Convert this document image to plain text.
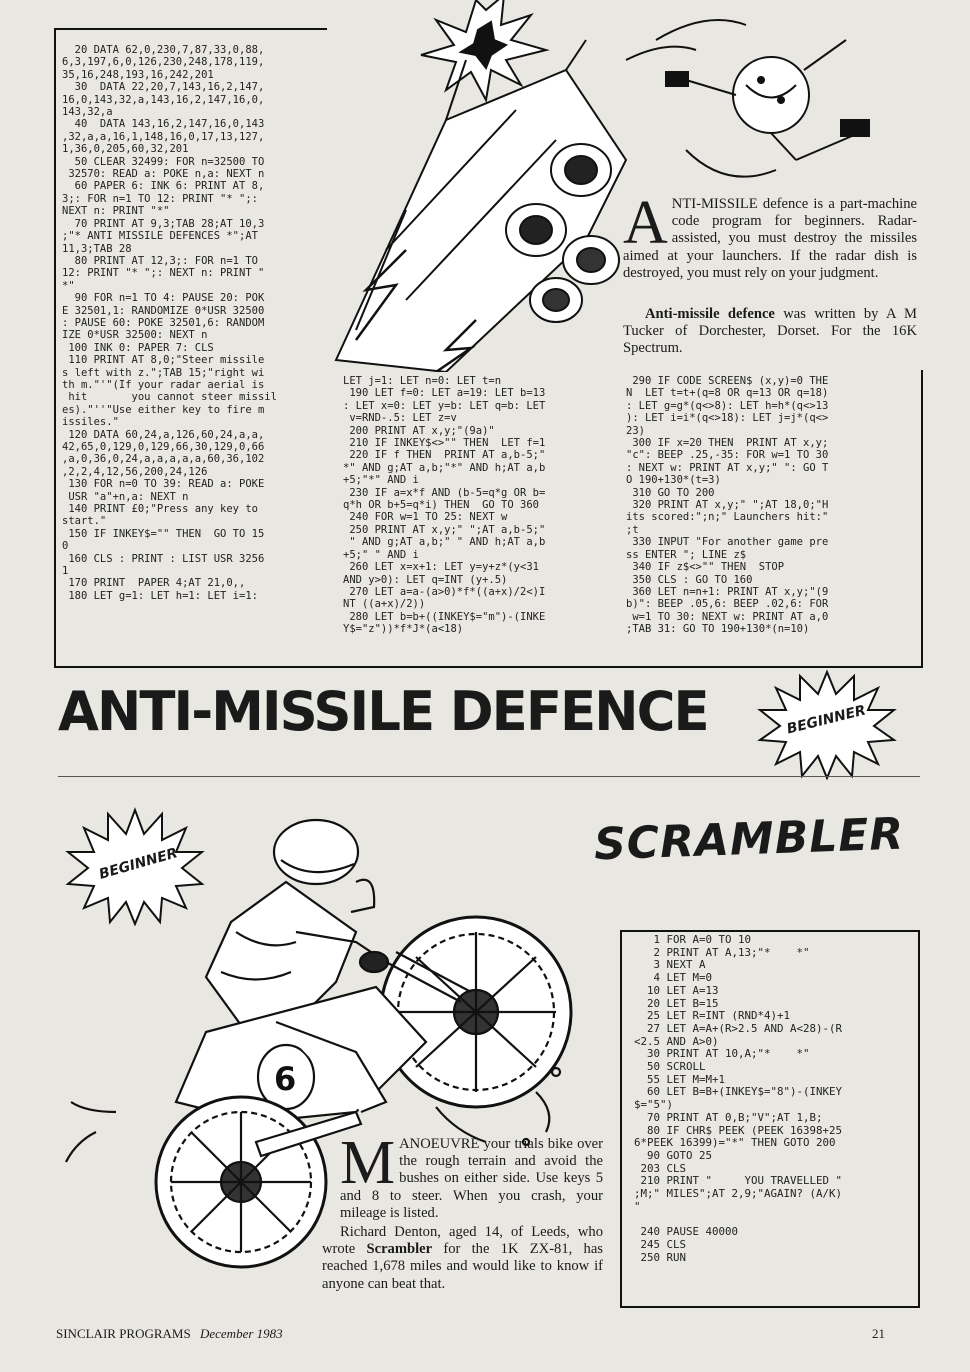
20 DATA 62,0,230,7,87,33,0,88,
6,3,197,6,0,126,230,248,178,119,
35,16,248,193,16,242,201
30  DATA 22,20,7,143,16,2,147,
16,0,143,32,a,143,16,2,147,16,0,
143,32,a
40  DATA 143,16,2,147,16,0,143
,32,a,a,16,1,148,16,0,17,13,127,
1,36,0,205,60,32,201
50 CLEAR 32499: FOR n=32500 TO
32570: READ a: POKE n,a: NEXT n
60 PAPER 6: INK 6: PRINT AT 8,
3;: FOR n=1 TO 12: PRINT "* ";:
NEXT n: PRINT "*"
70 PRINT AT 9,3;TAB 28;AT 10,3
;"* ANTI MISSILE DEFENCES *";AT
11,3;TAB 28
80 PRINT AT 12,3;: FOR n=1 TO
12: PRINT "* ";: NEXT n: PRINT "
*"
90 FOR n=1 TO 4: PAUSE 20: POK
E 32501,1: RANDOMIZE 0*USR 32500
: PAUSE 60: POKE 32501,6: RANDOM
IZE 0*USR 32500: NEXT n
100 INK 0: PAPER 7: CLS
110 PRINT AT 8,0;"Steer missile
s left with z.";TAB 15;"right wi
th m."'"(If your radar aerial is
hit       you cannot steer missil
es)."''"Use either key to fire m
issiles."
120 DATA 60,24,a,126,60,24,a,a,
42,65,0,129,0,129,66,30,129,0,66
,a,0,36,0,24,a,a,a,a,a,60,36,102
,2,2,4,12,56,200,24,126
130 FOR n=0 TO 39: READ a: POKE
USR "a"+n,a: NEXT n
140 PRINT £0;"Press any key to
start."
150 IF INKEY$="" THEN  GO TO 15
0
160 CLS : PRINT : LIST USR 3256
1
170 PRINT  PAPER 4;AT 21,0,,
180 LET g=1: LET h=1: LET i=1:
LET j=1: LET n=0: LET t=n
190 LET f=0: LET a=19: LET b=13
: LET x=0: LET y=b: LET q=b: LET
v=RND-.5: LET z=v
200 PRINT AT x,y;"(9a)"
210 IF INKEY$<>"" THEN  LET f=1
220 IF f THEN  PRINT AT a,b-5;"
*" AND g;AT a,b;"*" AND h;AT a,b
+5;"*" AND i
230 IF a=x*f AND (b-5=q*g OR b=
q*h OR b+5=q*i) THEN  GO TO 360
240 FOR w=1 TO 25: NEXT w
250 PRINT AT x,y;" ";AT a,b-5;"
" AND g;AT a,b;" " AND h;AT a,b
+5;" " AND i
260 LET x=x+1: LET y=y+z*(y<31
AND y>0): LET q=INT (y+.5)
270 LET a=a-(a>0)*f*((a+x)/2<)I
NT ((a+x)/2))
280 LET b=b+((INKEY$="m")-(INKE
Y$="z"))*f*J*(a<18)
290 IF CODE SCREEN$ (x,y)=0 THE
N  LET t=t+(q=8 OR q=13 OR q=18)
: LET g=g*(q<>8): LET h=h*(q<>13
): LET i=i*(q<>18): LET j=j*(q<>
23)
300 IF x=20 THEN  PRINT AT x,y;
"c": BEEP .25,-35: FOR w=1 TO 30
: NEXT w: PRINT AT x,y;" ": GO T
O 190+130*(t=3)
310 GO TO 200
320 PRINT AT x,y;" ";AT 18,0;"H
its scored:";n;" Launchers hit:"
;t
330 INPUT "For another game pre
ss ENTER "; LINE z$
340 IF z$<>"" THEN  STOP
350 CLS : GO TO 160
360 LET n=n+1: PRINT AT x,y;"(9
b)": BEEP .05,6: BEEP .02,6: FOR
w=1 TO 30: NEXT w: PRINT AT a,0
;TAB 31: GO TO 190+130*(n=10)
ANTI-MISSILE defence is a part-machine code program for beginners. Radar-assisted, you must destroy the missiles aimed at your launchers. If the radar dish is destroyed, you must rely on your judgment.
Anti-missile defence was written by A M Tucker of Dorchester, Dorset. For the 16K Spectrum.
ANTI-MISSILE DEFENCE	BEGINNER
SCRAMBLER
BEGINNER
6
MANOEUVRE your trials bike over the rough terrain and avoid the bushes on either side. Use keys 5 and 8 to steer. When you crash, your mileage is listed.
Richard Denton, aged 14, of Leeds, who wrote Scrambler for the 1K ZX-81, has reached 1,678 miles and would like to know if anyone can beat that.
1 FOR A=0 TO 10
2 PRINT AT A,13;"*    *"
3 NEXT A
4 LET M=0
10 LET A=13
20 LET B=15
25 LET R=INT (RND*4)+1
27 LET A=A+(R>2.5 AND A<28)-(R
<2.5 AND A>0)
30 PRINT AT 10,A;"*    *"
50 SCROLL
55 LET M=M+1
60 LET B=B+(INKEY$="8")-(INKEY
$="5")
70 PRINT AT 0,B;"V";AT 1,B;
80 IF CHR$ PEEK (PEEK 16398+25
6*PEEK 16399)="*" THEN GOTO 200
90 GOTO 25
203 CLS
210 PRINT "     YOU TRAVELLED "
;M;" MILES";AT 2,9;"AGAIN? (A/K)
"

240 PAUSE 40000
245 CLS
250 RUN
SINCLAIR PROGRAMS December 1983	21
